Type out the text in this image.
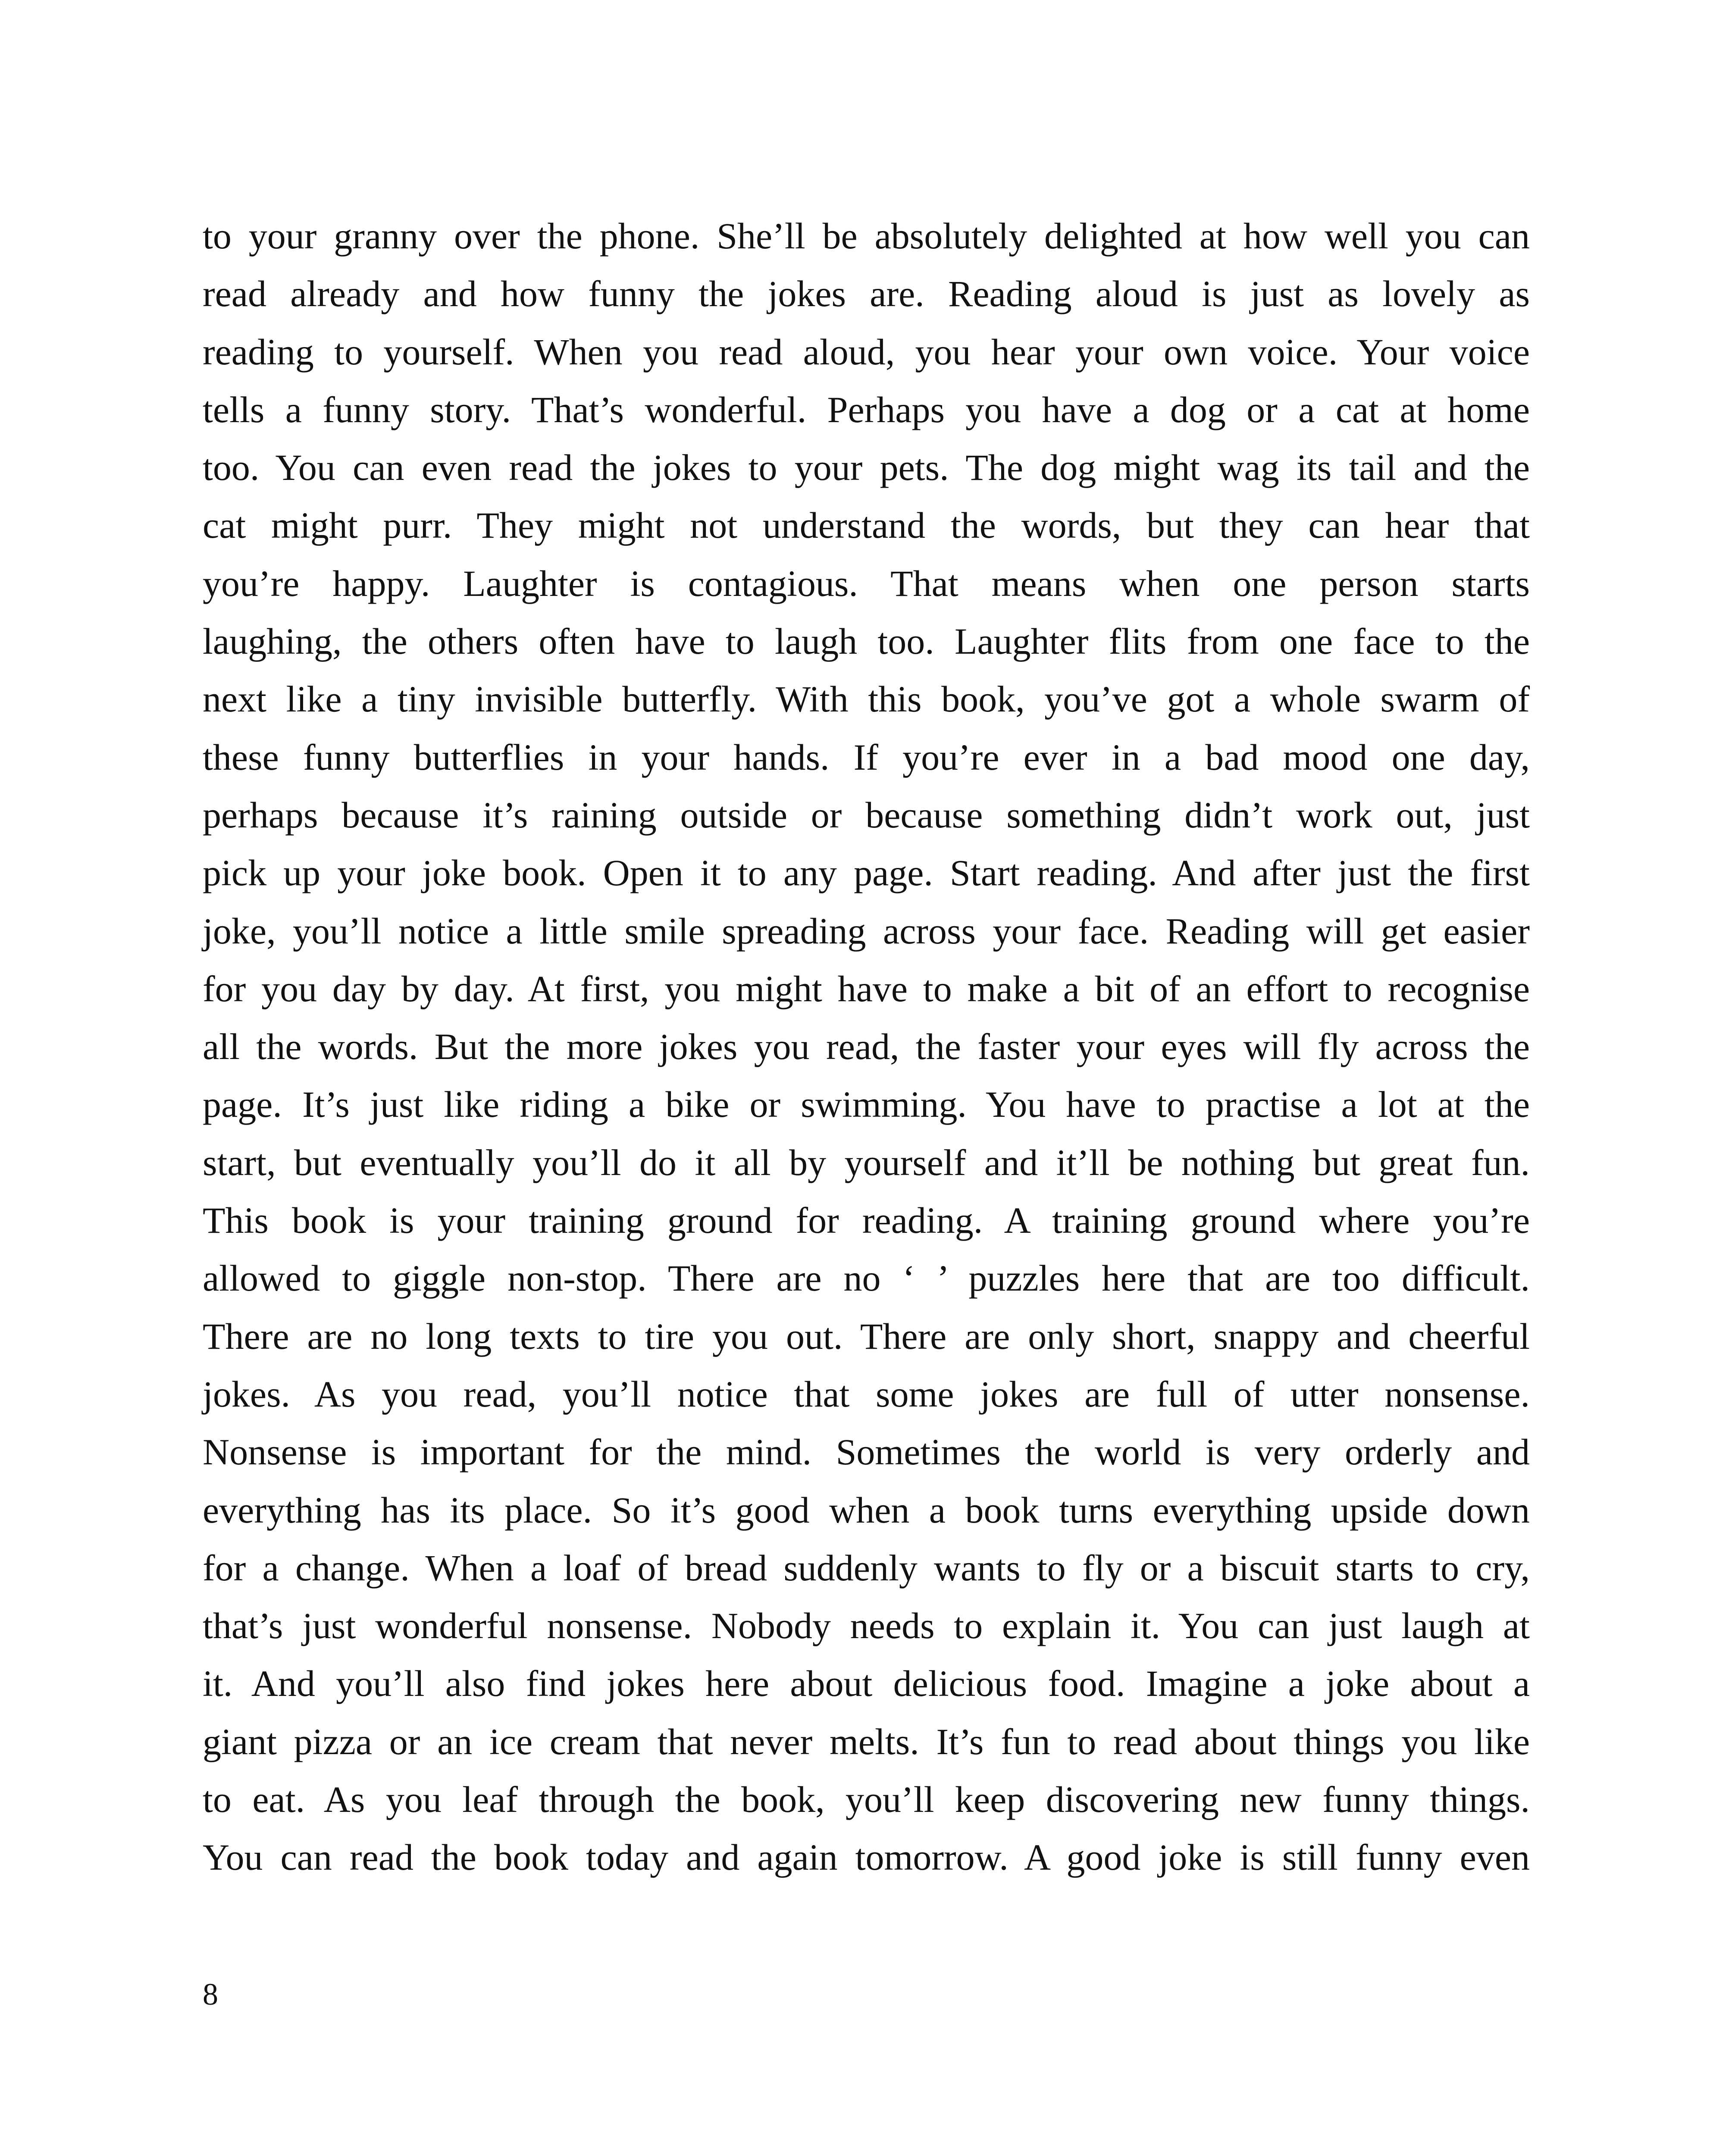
to your granny over the phone. She’ll be absolutely delighted at how well you can
read already and how funny the jokes are. Reading aloud is just as lovely as
reading to yourself. When you read aloud, you hear your own voice. Your voice
tells a funny story. That’s wonderful. Perhaps you have a dog or a cat at home
too. You can even read the jokes to your pets. The dog might wag its tail and the
cat might purr. They might not understand the words, but they can hear that
you’re happy. Laughter is contagious. That means when one person starts
laughing, the others often have to laugh too. Laughter flits from one face to the
next like a tiny invisible butterfly. With this book, you’ve got a whole swarm of
these funny butterflies in your hands. If you’re ever in a bad mood one day,
perhaps because it’s raining outside or because something didn’t work out, just
pick up your joke book. Open it to any page. Start reading. And after just the first
joke, you’ll notice a little smile spreading across your face. Reading will get easier
for you day by day. At first, you might have to make a bit of an effort to recognise
all the words. But the more jokes you read, the faster your eyes will fly across the
page. It’s just like riding a bike or swimming. You have to practise a lot at the
start, but eventually you’ll do it all by yourself and it’ll be nothing but great fun.
This book is your training ground for reading. A training ground where you’re
allowed to giggle non-stop. There are no ‘ ’ puzzles here that are too difficult.
There are no long texts to tire you out. There are only short, snappy and cheerful
jokes. As you read, you’ll notice that some jokes are full of utter nonsense.
Nonsense is important for the mind. Sometimes the world is very orderly and
everything has its place. So it’s good when a book turns everything upside down
for a change. When a loaf of bread suddenly wants to fly or a biscuit starts to cry,
that’s just wonderful nonsense. Nobody needs to explain it. You can just laugh at
it. And you’ll also find jokes here about delicious food. Imagine a joke about a
giant pizza or an ice cream that never melts. It’s fun to read about things you like
to eat. As you leaf through the book, you’ll keep discovering new funny things.
You can read the book today and again tomorrow. A good joke is still funny even
8
